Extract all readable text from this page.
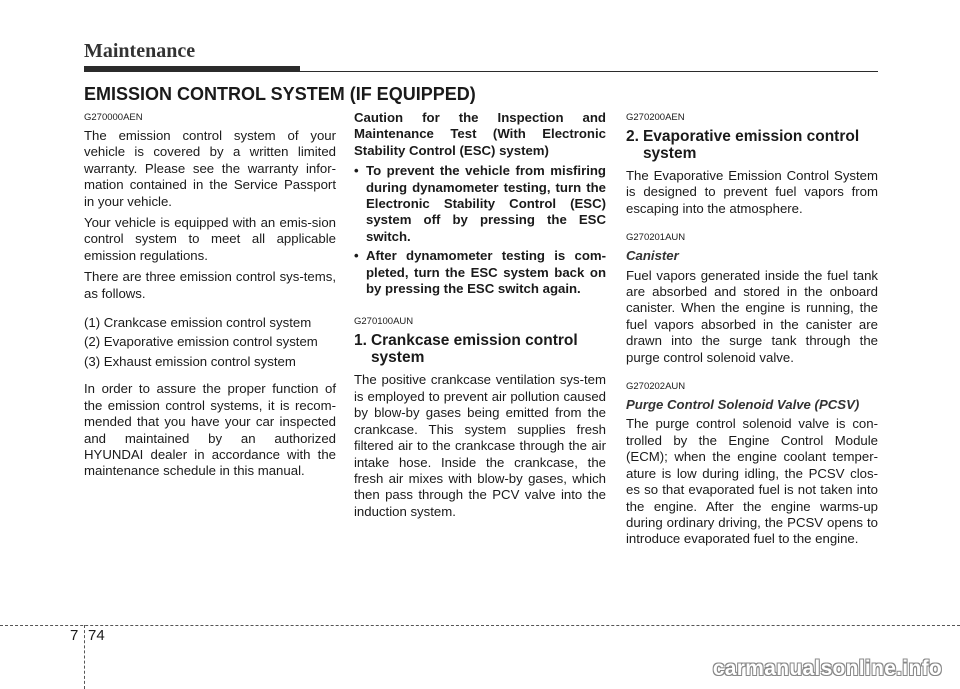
Maintenance
EMISSION CONTROL SYSTEM (IF EQUIPPED)
G270000AEN

The emission control system of your vehicle is covered by a written limited warranty. Please see the warranty infor-mation contained in the Service Passport in your vehicle.

Your vehicle is equipped with an emis-sion control system to meet all applicable emission regulations.

There are three emission control sys-tems, as follows.

(1) Crankcase emission control system
(2) Evaporative emission control system
(3) Exhaust emission control system

In order to assure the proper function of the emission control systems, it is recom-mended that you have your car inspected and maintained by an authorized HYUNDAI dealer in accordance with the maintenance schedule in this manual.

Caution for the Inspection and Maintenance Test (With Electronic Stability Control (ESC) system)
• To prevent the vehicle from misfiring during dynamometer testing, turn the Electronic Stability Control (ESC) system off by pressing the ESC switch.
• After dynamometer testing is com-pleted, turn the ESC system back on by pressing the ESC switch again.
G270100AUN
1. Crankcase emission control system

The positive crankcase ventilation sys-tem is employed to prevent air pollution caused by blow-by gases being emitted from the crankcase. This system supplies fresh filtered air to the crankcase through the air intake hose. Inside the crankcase, the fresh air mixes with blow-by gases, which then pass through the PCV valve into the induction system.

G270200AEN
2. Evaporative emission control system

The Evaporative Emission Control System is designed to prevent fuel vapors from escaping into the atmosphere.

G270201AUN
Canister

Fuel vapors generated inside the fuel tank are absorbed and stored in the onboard canister. When the engine is running, the fuel vapors absorbed in the canister are drawn into the surge tank through the purge control solenoid valve.

G270202AUN
Purge Control Solenoid Valve (PCSV)

The purge control solenoid valve is con-trolled by the Engine Control Module (ECM); when the engine coolant temper-ature is low during idling, the PCSV clos-es so that evaporated fuel is not taken into the engine. After the engine warms-up during ordinary driving, the PCSV opens to introduce evaporated fuel to the engine.

7 74
carmanualsonline.info
